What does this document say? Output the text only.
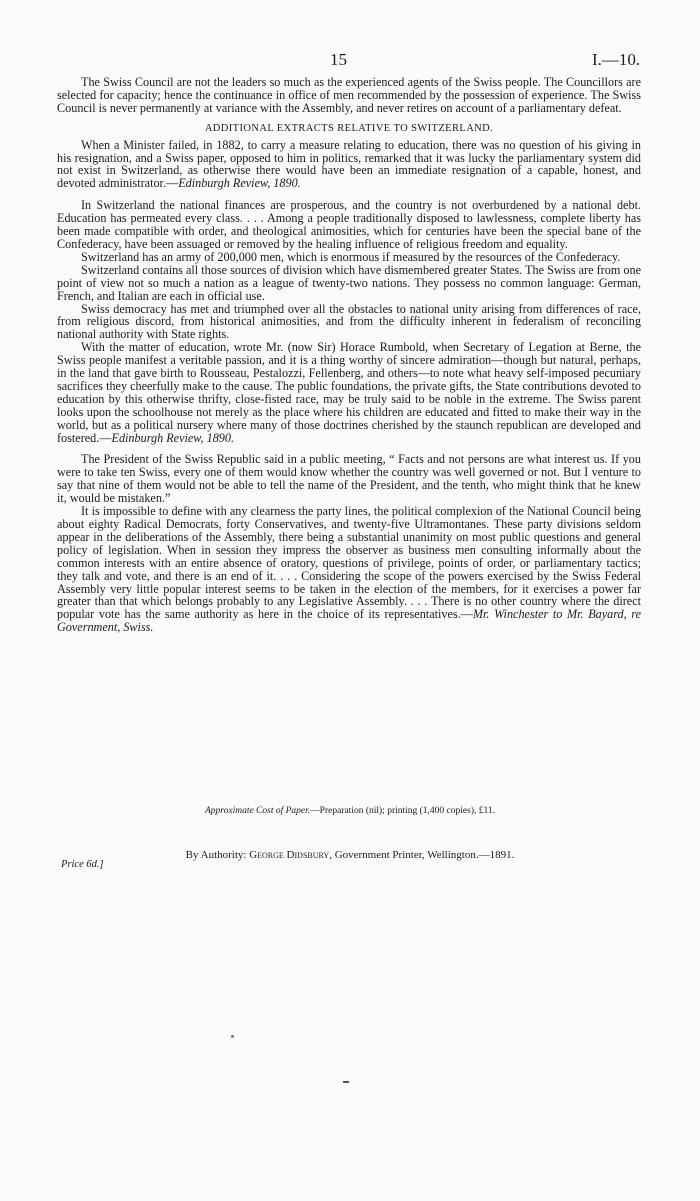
15	I.—10.

The Swiss Council are not the leaders so much as the experienced agents of the Swiss people. The Councillors are selected for capacity; hence the continuance in office of men recommended by the possession of experience. The Swiss Council is never permanently at variance with the Assembly, and never retires on account of a parliamentary defeat.

ADDITIONAL EXTRACTS RELATIVE TO SWITZERLAND.

When a Minister failed, in 1882, to carry a measure relating to education, there was no question of his giving in his resignation, and a Swiss paper, opposed to him in politics, remarked that it was lucky the parliamentary system did not exist in Switzerland, as otherwise there would have been an immediate resignation of a capable, honest, and devoted administrator.—Edinburgh Review, 1890.

In Switzerland the national finances are prosperous, and the country is not overburdened by a national debt. Education has permeated every class. . . . Among a people traditionally disposed to lawlessness, complete liberty has been made compatible with order, and theological animosities, which for centuries have been the special bane of the Confederacy, have been assuaged or removed by the healing influence of religious freedom and equality.

Switzerland has an army of 200,000 men, which is enormous if measured by the resources of the Confederacy.

Switzerland contains all those sources of division which have dismembered greater States. The Swiss are from one point of view not so much a nation as a league of twenty-two nations. They possess no common language: German, French, and Italian are each in official use.

Swiss democracy has met and triumphed over all the obstacles to national unity arising from differences of race, from religious discord, from historical animosities, and from the difficulty inherent in federalism of reconciling national authority with State rights.

With the matter of education, wrote Mr. (now Sir) Horace Rumbold, when Secretary of Legation at Berne, the Swiss people manifest a veritable passion, and it is a thing worthy of sincere admiration—though but natural, perhaps, in the land that gave birth to Rousseau, Pestalozzi, Fellenberg, and others—to note what heavy self-imposed pecuniary sacrifices they cheerfully make to the cause. The public foundations, the private gifts, the State contributions devoted to education by this otherwise thrifty, close-fisted race, may be truly said to be noble in the extreme. The Swiss parent looks upon the schoolhouse not merely as the place where his children are educated and fitted to make their way in the world, but as a political nursery where many of those doctrines cherished by the staunch republican are developed and fostered.—Edinburgh Review, 1890.

The President of the Swiss Republic said in a public meeting, “ Facts and not persons are what interest us. If you were to take ten Swiss, every one of them would know whether the country was well governed or not. But I venture to say that nine of them would not be able to tell the name of the President, and the tenth, who might think that he knew it, would be mistaken.”

It is impossible to define with any clearness the party lines, the political complexion of the National Council being about eighty Radical Democrats, forty Conservatives, and twenty-five Ultramontanes. These party divisions seldom appear in the deliberations of the Assembly, there being a substantial unanimity on most public questions and general policy of legislation. When in session they impress the observer as business men consulting informally about the common interests with an entire absence of oratory, questions of privilege, points of order, or parliamentary tactics; they talk and vote, and there is an end of it. . . . Considering the scope of the powers exercised by the Swiss Federal Assembly very little popular interest seems to be taken in the election of the members, for it exercises a power far greater than that which belongs probably to any Legislative Assembly. . . . There is no other country where the direct popular vote has the same authority as here in the choice of its representatives.—Mr. Winchester to Mr. Bayard, re Government, Swiss.

Approximate Cost of Paper.—Preparation (nil); printing (1,400 copies), £11.
By Authority: George Didsbury, Government Printer, Wellington.—1891.
Price 6d.]
